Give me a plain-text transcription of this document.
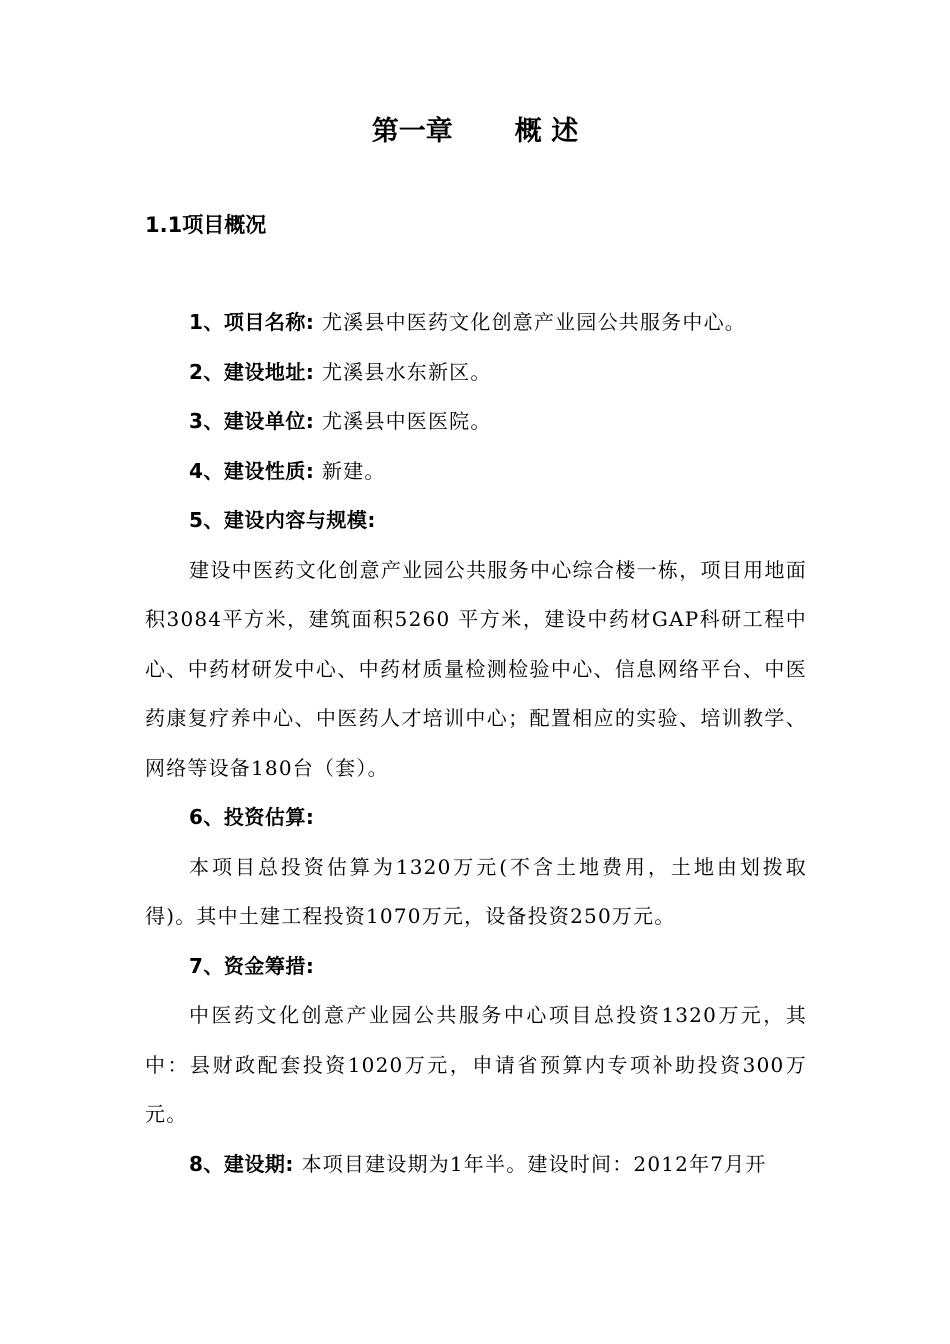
第一章 概 述
1.1项目概况

1、项目名称: 尤溪县中医药文化创意产业园公共服务中心。

2、建设地址: 尤溪县水东新区。

3、建设单位: 尤溪县中医医院。

4、建设性质: 新建。

5、建设内容与规模:

建设中医药文化创意产业园公共服务中心综合楼一栋，项目用地面积3084平方米，建筑面积5260 平方米，建设中药材GAP科研工程中心、中药材研发中心、中药材质量检测检验中心、信息网络平台、中医药康复疗养中心、中医药人才培训中心；配置相应的实验、培训教学、网络等设备180台（套）。

6、投资估算:

本项目总投资估算为1320万元(不含土地费用，土地由划拨取得)。其中土建工程投资1070万元，设备投资250万元。

7、资金筹措:

中医药文化创意产业园公共服务中心项目总投资1320万元，其中：县财政配套投资1020万元，申请省预算内专项补助投资300万元。

8、建设期: 本项目建设期为1年半。建设时间：2012年7月开
